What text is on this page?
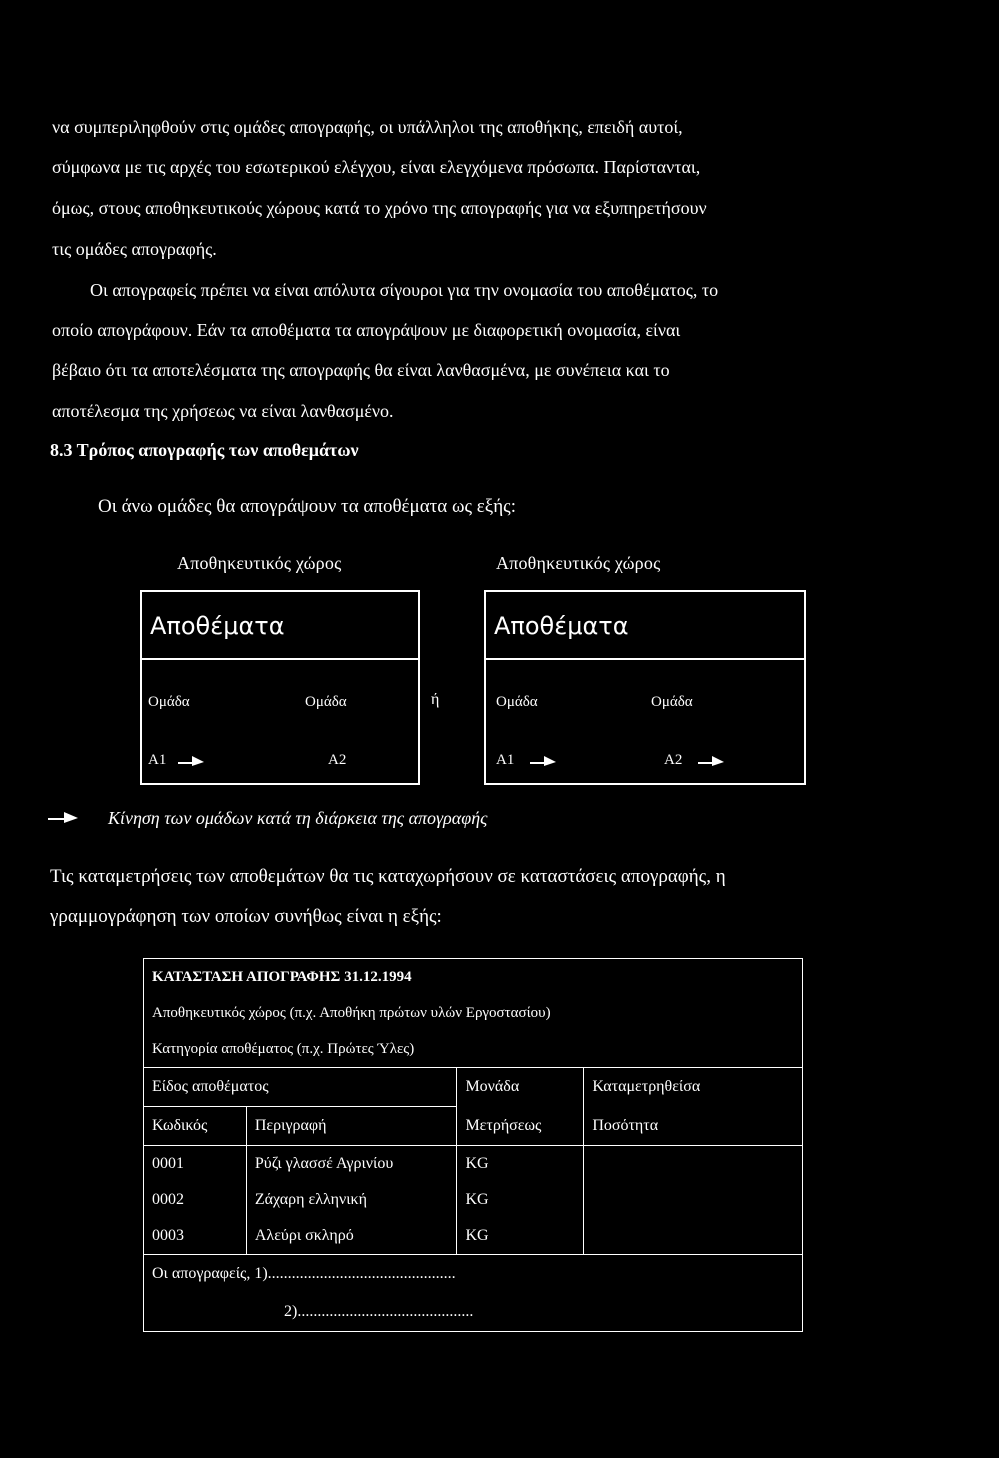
να συμπεριληφθούν στις ομάδες απογραφής, οι υπάλληλοι της αποθήκης, επειδή αυτοί,
σύμφωνα με τις αρχές του εσωτερικού ελέγχου, είναι ελεγχόμενα πρόσωπα. Παρίστανται,
όμως, στους αποθηκευτικούς χώρους κατά το χρόνο της απογραφής για να εξυπηρετήσουν
τις ομάδες απογραφής.
Οι απογραφείς πρέπει να είναι απόλυτα σίγουροι για την ονομασία του αποθέματος, το
οποίο απογράφουν. Εάν τα αποθέματα τα απογράψουν με διαφορετική ονομασία, είναι
βέβαιο ότι τα αποτελέσματα της απογραφής θα είναι λανθασμένα, με συνέπεια και το
αποτέλεσμα της χρήσεως να είναι λανθασμένο.
8.3 Τρόπος απογραφής των αποθεμάτων
Οι άνω ομάδες θα απογράψουν τα αποθέματα ως εξής:
Αποθηκευτικός χώρος	Αποθηκευτικός χώρος
Αποθέματα
Ομάδα	Ομάδα
Α1	Α2
ή
Αποθέματα
Ομάδα	Ομάδα
Α1	Α2
Κίνηση των ομάδων κατά τη διάρκεια της απογραφής
Τις καταμετρήσεις των αποθεμάτων θα τις καταχωρήσουν σε καταστάσεις απογραφής, η
γραμμογράφηση των οποίων συνήθως είναι η εξής:
ΚΑΤΑΣΤΑΣΗ ΑΠΟΓΡΑΦΗΣ 31.12.1994			
Αποθηκευτικός χώρος (π.χ. Αποθήκη πρώτων υλών Εργοστασίου)			
Κατηγορία αποθέματος (π.χ. Πρώτες Ύλες)			
Είδος αποθέματος		Μονάδα	Καταμετρηθείσα
Κωδικός	Περιγραφή	Μετρήσεως	Ποσότητα
0001	Ρύζι γλασσέ Αγρινίου	KG	
0002	Ζάχαρη ελληνική	KG	
0003	Αλεύρι σκληρό	KG	
Οι απογραφείς, 1)...............................................			
2)............................................			
